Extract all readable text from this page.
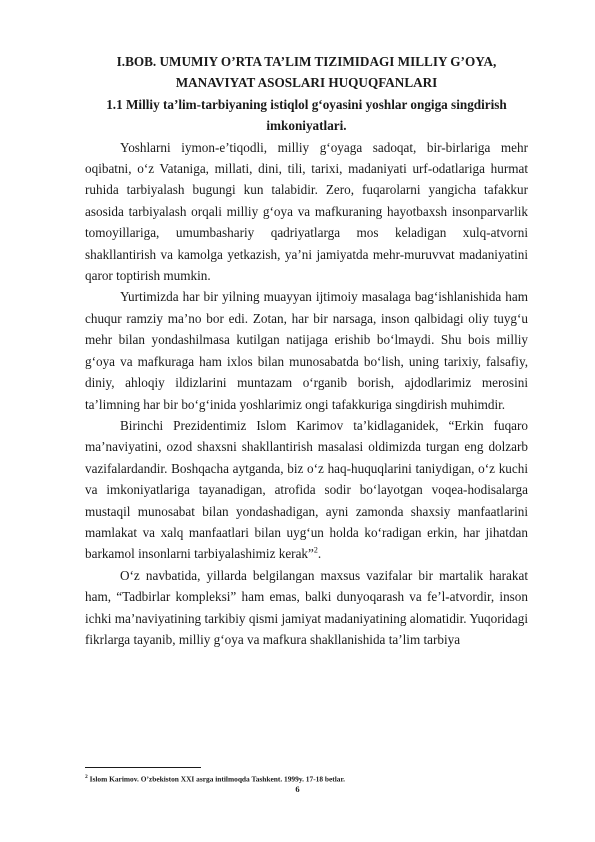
I.BOB. UMUMIY O’RTA TA’LIM TIZIMIDAGI MILLIY G’OYA,
MANAVIYAT ASOSLARI HUQUQFANLARI

1.1 Milliy ta’lim-tarbiyaning istiqlol g‘oyasini yoshlar ongiga singdirish
imkoniyatlari.

Yoshlarni iymon-e’tiqodli, milliy g‘oyaga sadoqat, bir-birlariga mehr oqibatni, o‘z Vataniga, millati, dini, tili, tarixi, madaniyati urf-odatlariga hurmat ruhida tarbiyalash bugungi kun talabidir. Zero, fuqarolarni yangicha tafakkur asosida tarbiyalash orqali milliy g‘oya va mafkuraning hayotbaxsh insonparvarlik tomoyillariga, umumbashariy qadriyatlarga mos keladigan xulq-atvorni shakllantirish va kamolga yetkazish, ya’ni jamiyatda mehr-muruvvat madaniyatini qaror toptirish mumkin.

Yurtimizda har bir yilning muayyan ijtimoiy masalaga bag‘ishlanishida ham chuqur ramziy ma’no bor edi. Zotan, har bir narsaga, inson qalbidagi oliy tuyg‘u mehr bilan yondashilmasa kutilgan natijaga erishib bo‘lmaydi. Shu bois milliy g‘oya va mafkuraga ham ixlos bilan munosabatda bo‘lish, uning tarixiy, falsafiy, diniy, ahloqiy ildizlarini muntazam o‘rganib borish, ajdodlarimiz merosini ta’limning har bir bo‘g‘inida yoshlarimiz ongi tafakkuriga singdirish muhimdir.

Birinchi Prezidentimiz Islom Karimov ta’kidlaganidek, “Erkin fuqaro ma’naviyatini, ozod shaxsni shakllantirish masalasi oldimizda turgan eng dolzarb vazifalardandir. Boshqacha aytganda, biz o‘z haq-huquqlarini taniydigan, o‘z kuchi va imkoniyatlariga tayanadigan, atrofida sodir bo‘layotgan voqea-hodisalarga mustaqil munosabat bilan yondashadigan, ayni zamonda shaxsiy manfaatlarini mamlakat va xalq manfaatlari bilan uyg‘un holda ko‘radigan erkin, har jihatdan barkamol insonlarni tarbiyalashimiz kerak”$^2$.

O‘z navbatida, yillarda belgilangan maxsus vazifalar bir martalik harakat ham, “Tadbirlar kompleksi” ham emas, balki dunyoqarash va fe’l-atvordir, inson ichki ma’naviyatining tarkibiy qismi jamiyat madaniyatining alomatidir. Yuqoridagi fikrlarga tayanib, milliy g‘oya va mafkura shakllanishida ta’lim tarbiya

$^2$ Islom Karimov. O’zbekiston XXI asrga intilmoqda Tashkent. 1999y. 17-18 betlar.
6
